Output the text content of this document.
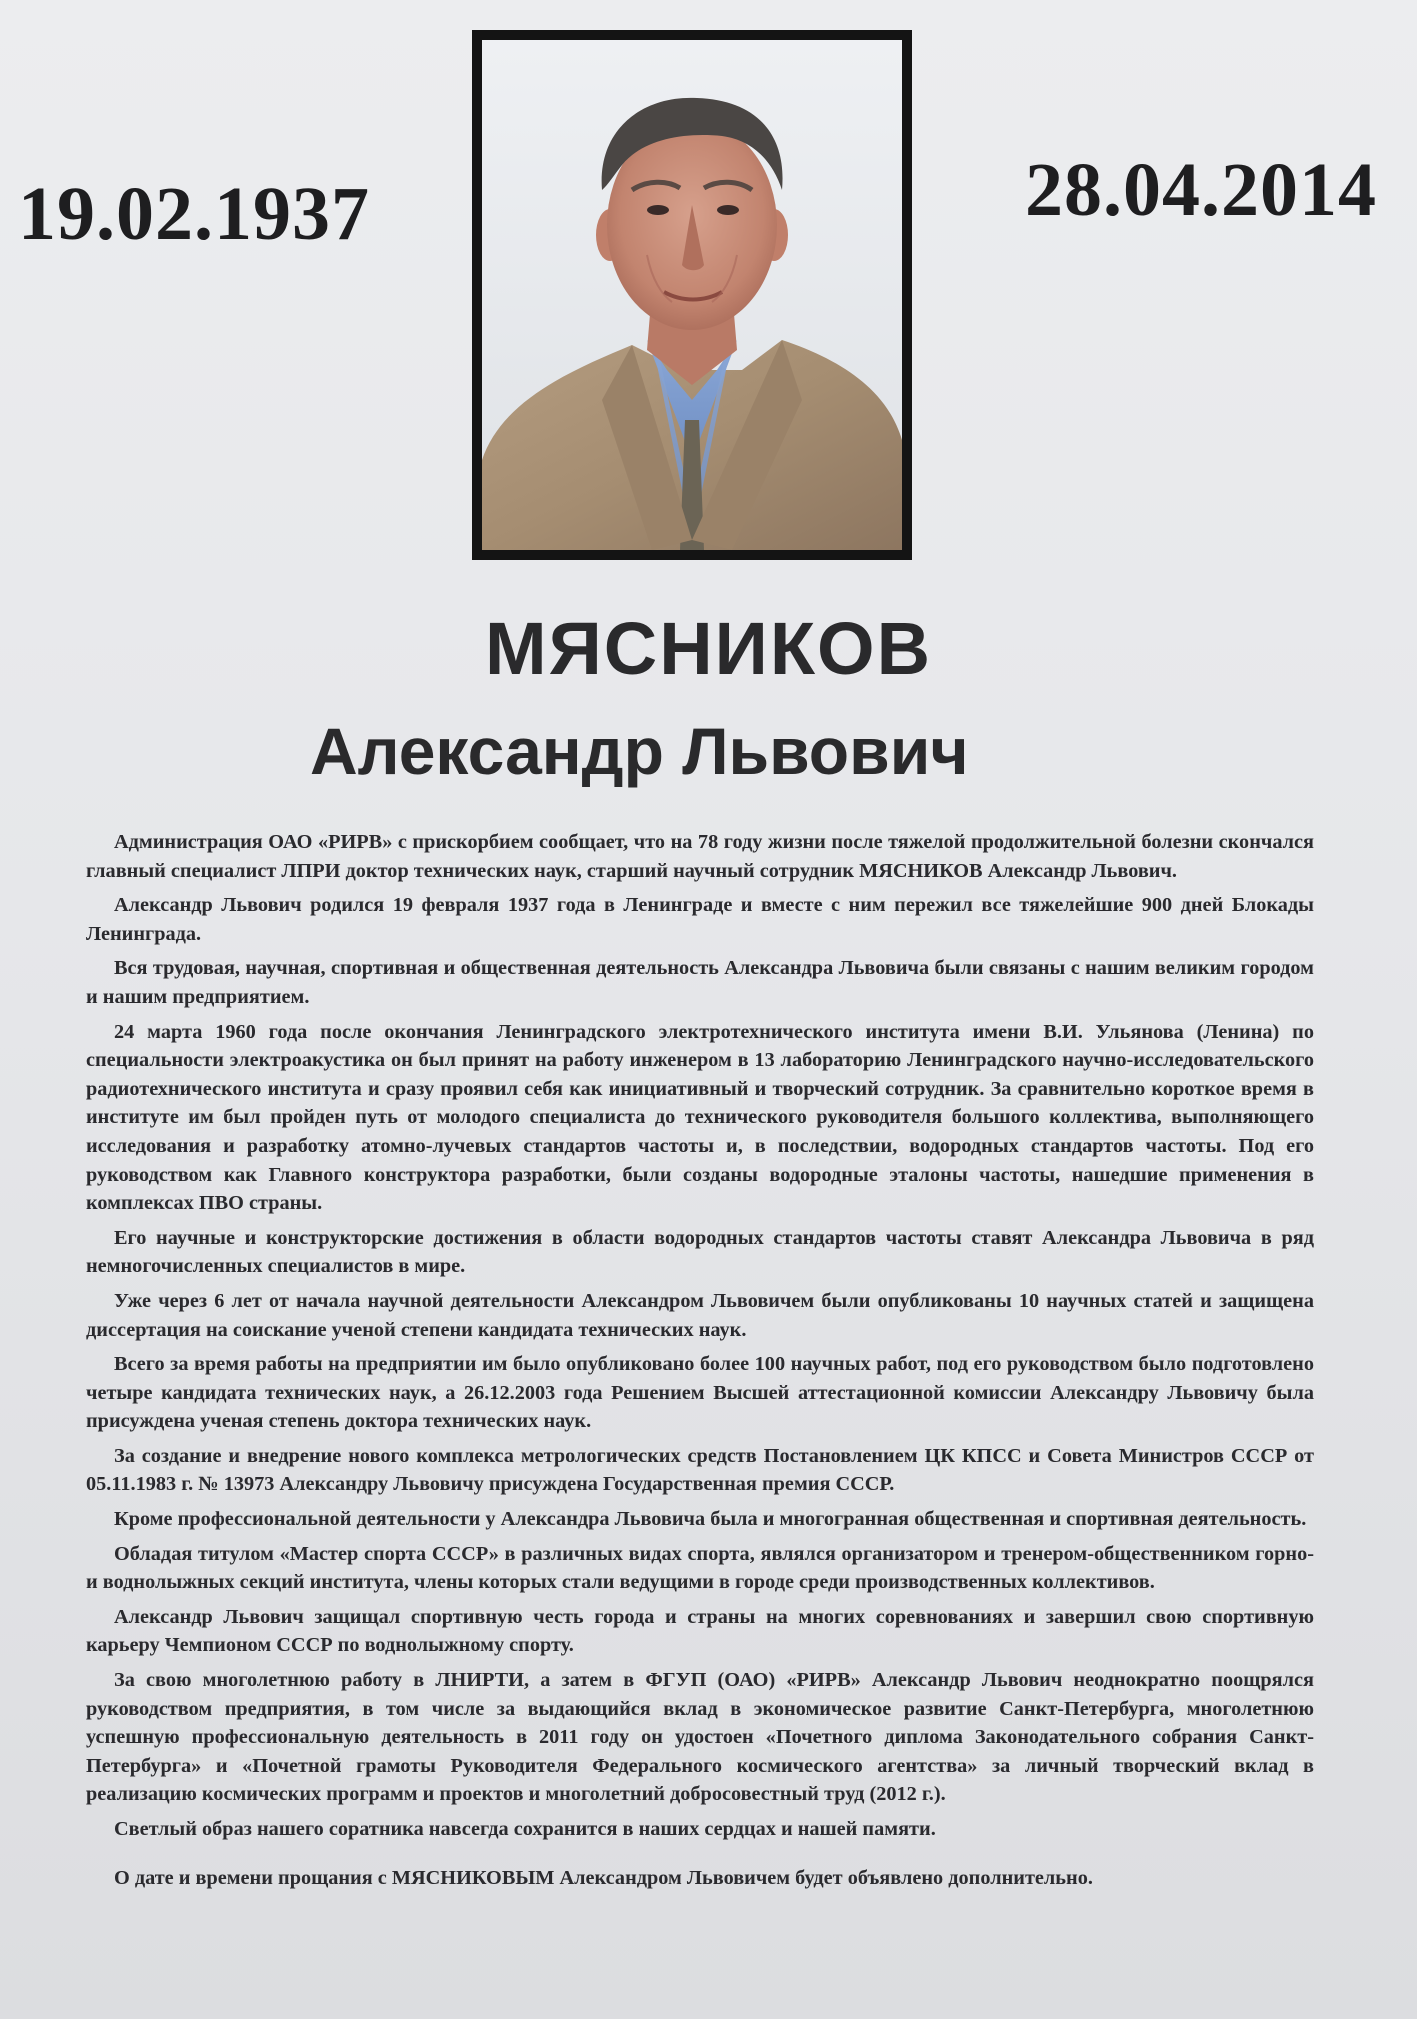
19.02.1937	28.04.2014
МЯСНИКОВ
Александр Львович

Администрация ОАО «РИРВ» с прискорбием сообщает, что на 78 году жизни после тяжелой продолжительной болезни скончался главный специалист ЛПРИ доктор технических наук, старший научный сотрудник МЯСНИКОВ Александр Львович.

Александр Львович родился 19 февраля 1937 года в Ленинграде и вместе с ним пережил все тяжелейшие 900 дней Блокады Ленинграда.

Вся трудовая, научная, спортивная и общественная деятельность Александра Львовича были связаны с нашим великим городом и нашим предприятием.

24 марта 1960 года после окончания Ленинградского электротехнического института имени В.И. Ульянова (Ленина) по специальности электроакустика он был принят на работу инженером в 13 лабораторию Ленинградского научно-исследовательского радиотехнического института и сразу проявил себя как инициативный и творческий сотрудник. За сравнительно короткое время в институте им был пройден путь от молодого специалиста до технического руководителя большого коллектива, выполняющего исследования и разработку атомно-лучевых стандартов частоты и, в последствии, водородных стандартов частоты. Под его руководством как Главного конструктора разработки, были созданы водородные эталоны частоты, нашедшие применения в комплексах ПВО страны.

Его научные и конструкторские достижения в области водородных стандартов частоты ставят Александра Львовича в ряд немногочисленных специалистов в мире.

Уже через 6 лет от начала научной деятельности Александром Львовичем были опубликованы 10 научных статей и защищена диссертация на соискание ученой степени кандидата технических наук.

Всего за время работы на предприятии им было опубликовано более 100 научных работ, под его руководством было подготовлено четыре кандидата технических наук, а 26.12.2003 года Решением Высшей аттестационной комиссии Александру Львовичу была присуждена ученая степень доктора технических наук.

За создание и внедрение нового комплекса метрологических средств Постановлением ЦК КПСС и Совета Министров СССР от 05.11.1983 г. № 13973 Александру Львовичу присуждена Государственная премия СССР.

Кроме профессиональной деятельности у Александра Львовича была и многогранная общественная и спортивная деятельность.

Обладая титулом «Мастер спорта СССР» в различных видах спорта, являлся организатором и тренером-общественником горно- и воднолыжных секций института, члены которых стали ведущими в городе среди производственных коллективов.

Александр Львович защищал спортивную честь города и страны на многих соревнованиях и завершил свою спортивную карьеру Чемпионом СССР по воднолыжному спорту.

За свою многолетнюю работу в ЛНИРТИ, а затем в ФГУП (ОАО) «РИРВ» Александр Львович неоднократно поощрялся руководством предприятия, в том числе за выдающийся вклад в экономическое развитие Санкт-Петербурга, многолетнюю успешную профессиональную деятельность в 2011 году он удостоен «Почетного диплома Законодательного собрания Санкт-Петербурга» и «Почетной грамоты Руководителя Федерального космического агентства» за личный творческий вклад в реализацию космических программ и проектов и многолетний добросовестный труд (2012 г.).

Светлый образ нашего соратника навсегда сохранится в наших сердцах и нашей памяти.

О дате и времени прощания с МЯСНИКОВЫМ Александром Львовичем будет объявлено дополнительно.
